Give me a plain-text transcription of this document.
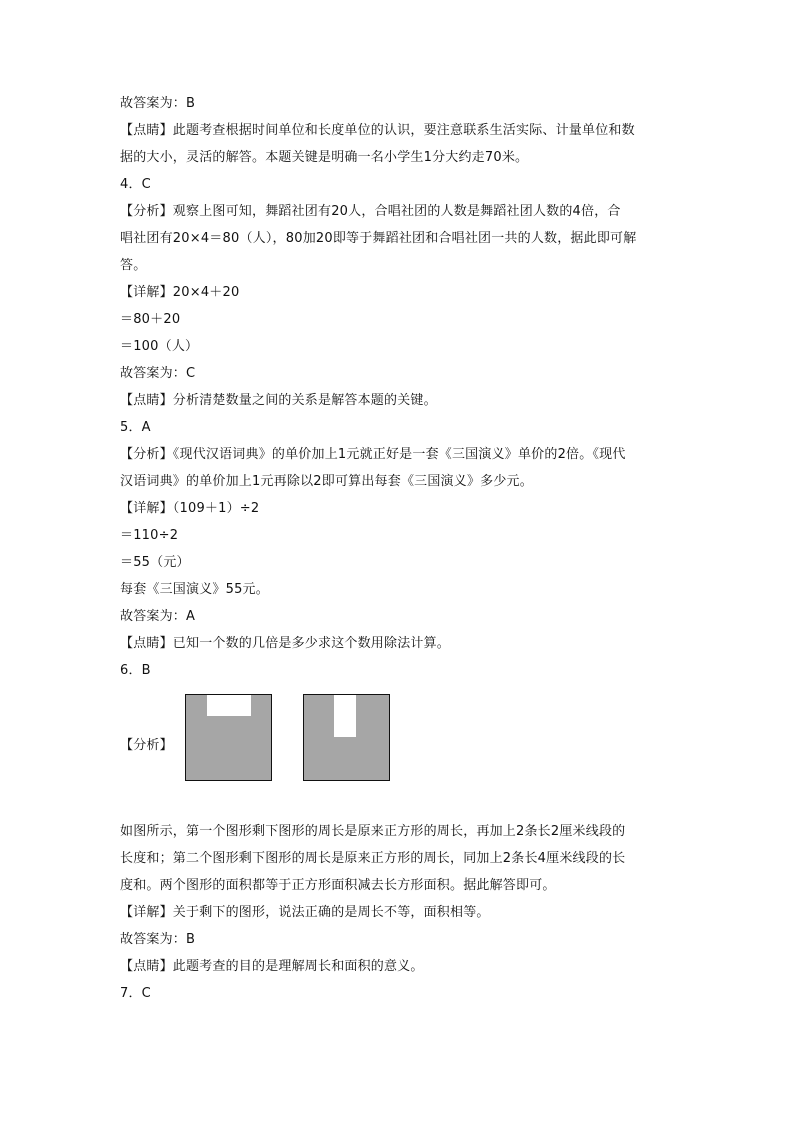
故答案为：B

【点睛】此题考查根据时间单位和长度单位的认识，要注意联系生活实际、计量单位和数

据的大小，灵活的解答。本题关键是明确一名小学生1分大约走70米。

4．C

【分析】观察上图可知，舞蹈社团有20人，合唱社团的人数是舞蹈社团人数的4倍，合

唱社团有20×4＝80（人），80加20即等于舞蹈社团和合唱社团一共的人数，据此即可解

答。

【详解】20×4＋20

＝80＋20

＝100（人）

故答案为：C

【点睛】分析清楚数量之间的关系是解答本题的关键。

5．A

【分析】《现代汉语词典》的单价加上1元就正好是一套《三国演义》单价的2倍。《现代

汉语词典》的单价加上1元再除以2即可算出每套《三国演义》多少元。

【详解】（109＋1）÷2

＝110÷2

＝55（元）

每套《三国演义》55元。

故答案为：A

【点睛】已知一个数的几倍是多少求这个数用除法计算。

6．B

【分析】

如图所示，第一个图形剩下图形的周长是原来正方形的周长，再加上2条长2厘米线段的

长度和；第二个图形剩下图形的周长是原来正方形的周长，同加上2条长4厘米线段的长

度和。两个图形的面积都等于正方形面积减去长方形面积。据此解答即可。

【详解】关于剩下的图形，说法正确的是周长不等，面积相等。

故答案为：B

【点睛】此题考查的目的是理解周长和面积的意义。

7．C
